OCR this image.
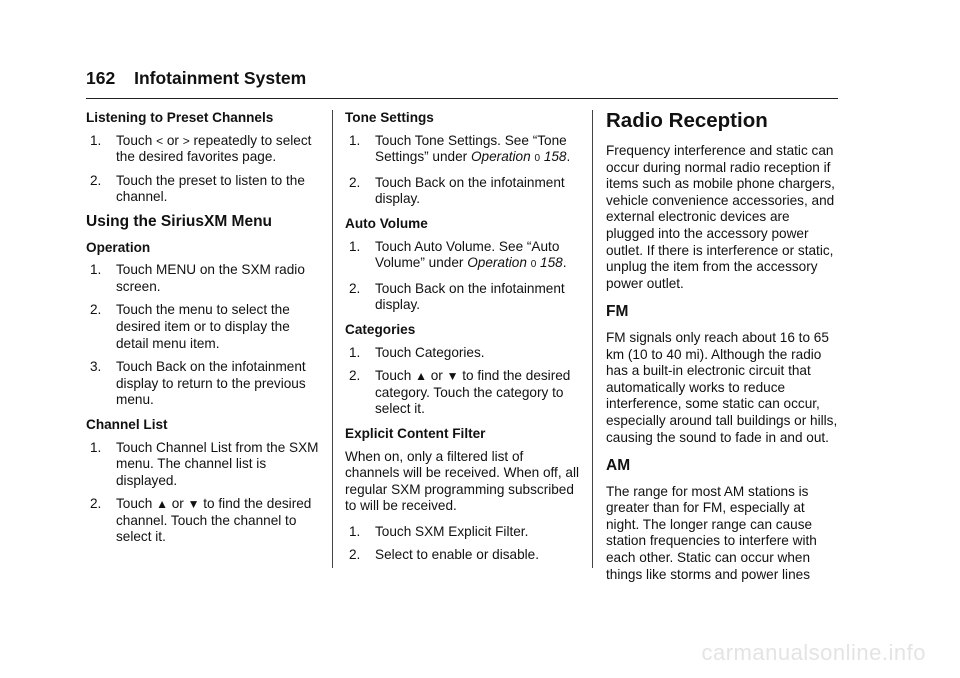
162 Infotainment System
Listening to Preset Channels
1. Touch < or > repeatedly to select the desired favorites page.
2. Touch the preset to listen to the channel.
Using the SiriusXM Menu
Operation
1. Touch MENU on the SXM radio screen.
2. Touch the menu to select the desired item or to display the detail menu item.
3. Touch Back on the infotainment display to return to the previous menu.
Channel List
1. Touch Channel List from the SXM menu. The channel list is displayed.
2. Touch ▲ or ▼ to find the desired channel. Touch the channel to select it.
Tone Settings
1. Touch Tone Settings. See “Tone Settings” under Operation 0 158.
2. Touch Back on the infotainment display.
Auto Volume
1. Touch Auto Volume. See “Auto Volume” under Operation 0 158.
2. Touch Back on the infotainment display.
Categories
1. Touch Categories.
2. Touch ▲ or ▼ to find the desired category. Touch the category to select it.
Explicit Content Filter

When on, only a filtered list of channels will be received. When off, all regular SXM programming subscribed to will be received.

1. Touch SXM Explicit Filter.
2. Select to enable or disable.
Radio Reception

Frequency interference and static can occur during normal radio reception if items such as mobile phone chargers, vehicle convenience accessories, and external electronic devices are plugged into the accessory power outlet. If there is interference or static, unplug the item from the accessory power outlet.

FM

FM signals only reach about 16 to 65 km (10 to 40 mi). Although the radio has a built-in electronic circuit that automatically works to reduce interference, some static can occur, especially around tall buildings or hills, causing the sound to fade in and out.

AM

The range for most AM stations is greater than for FM, especially at night. The longer range can cause station frequencies to interfere with each other. Static can occur when things like storms and power lines

carmanualsonline.info
